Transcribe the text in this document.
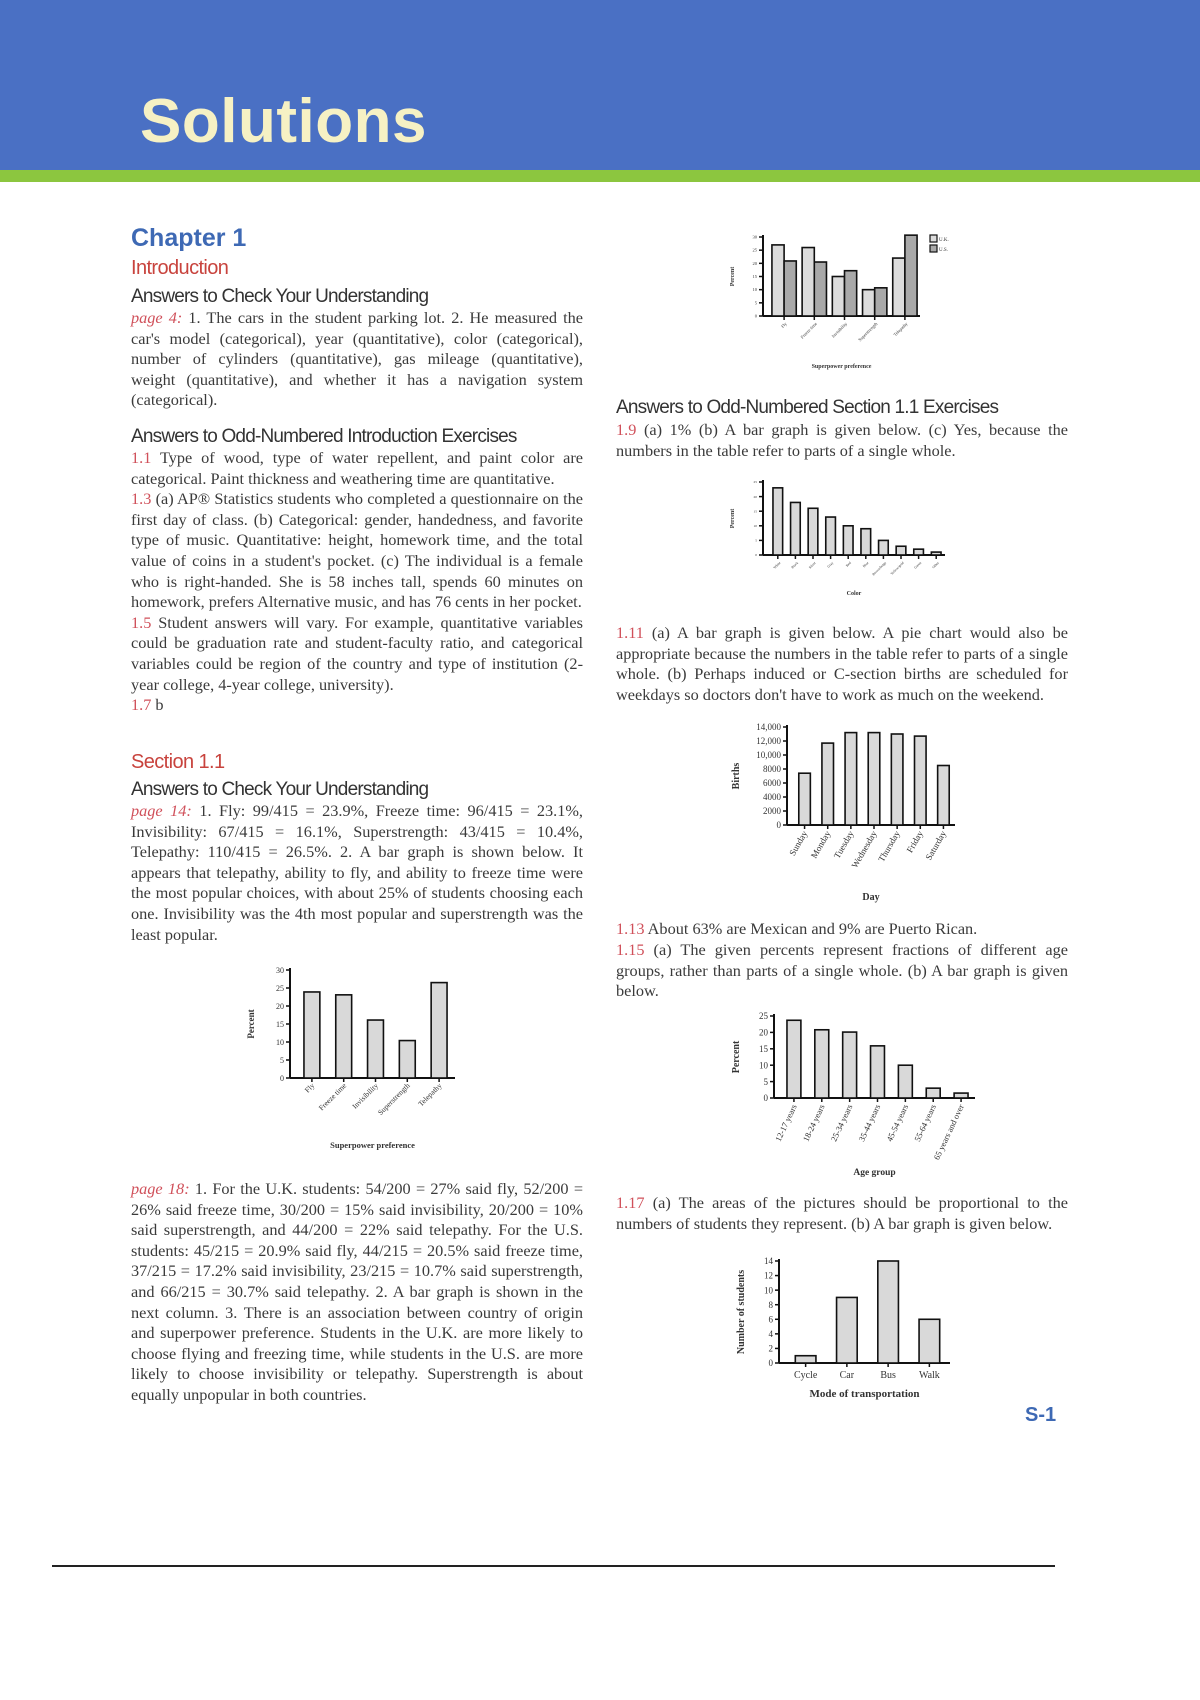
Solutions
Chapter 1
Introduction
Answers to Check Your Understanding
page 4: 1. The cars in the student parking lot. 2. He measured the car's model (categorical), year (quantitative), color (categorical), number of cylinders (quantitative), gas mileage (quantitative), weight (quantitative), and whether it has a navigation system (categorical).
Answers to Odd-Numbered Introduction Exercises
1.1 Type of wood, type of water repellent, and paint color are categorical. Paint thickness and weathering time are quantitative.
1.3 (a) AP® Statistics students who completed a questionnaire on the first day of class. (b) Categorical: gender, handedness, and favorite type of music. Quantitative: height, homework time, and the total value of coins in a student's pocket. (c) The individual is a female who is right-handed. She is 58 inches tall, spends 60 minutes on homework, prefers Alternative music, and has 76 cents in her pocket.
1.5 Student answers will vary. For example, quantitative variables could be graduation rate and student-faculty ratio, and categorical variables could be region of the country and type of institution (2-year college, 4-year college, university).
1.7 b
Section 1.1
Answers to Check Your Understanding
page 14: 1. Fly: 99/415 = 23.9%, Freeze time: 96/415 = 23.1%, Invisibility: 67/415 = 16.1%, Superstrength: 43/415 = 10.4%, Telepathy: 110/415 = 26.5%. 2. A bar graph is shown below. It appears that telepathy, ability to fly, and ability to freeze time were the most popular choices, with about 25% of students choosing each one. Invisibility was the 4th most popular and superstrength was the least popular.
0
5
10
15
20
25
30
Fly Freeze time Invisibility
Superstrength Telepathy
Superpower preference
Percent
page 18: 1. For the U.K. students: 54/200 = 27% said fly, 52/200 = 26% said freeze time, 30/200 = 15% said invisibility, 20/200 = 10% said superstrength, and 44/200 = 22% said telepathy. For the U.S. students: 45/215 = 20.9% said fly, 44/215 = 20.5% said freeze time, 37/215 = 17.2% said invisibility, 23/215 = 10.7% said superstrength, and 66/215 = 30.7% said telepathy. 2. A bar graph is shown in the next column. 3. There is an association between country of origin and superpower preference. Students in the U.K. are more likely to choose flying and freezing time, while students in the U.S. are more likely to choose invisibility or telepathy. Superstrength is about equally unpopular in both countries.
0
5
10
15
20
25
30
Fly	Freeze time	Invisibility Superstrength	Telepathy
Superpower preference
Percent
U.K.
U.S.
Answers to Odd-Numbered Section 1.1 Exercises
1.9 (a) 1% (b) A bar graph is given below. (c) Yes, because the numbers in the table refer to parts of a single whole.
0
5
10
15
20
25
White	Black	Silver	Gray	Red	Blue Brown/beige Yellow/gold Green	Other
Color
Percent
1.11 (a) A bar graph is given below. A pie chart would also be appropriate because the numbers in the table refer to parts of a single whole. (b) Perhaps induced or C-section births are scheduled for weekdays so doctors don't have to work as much on the weekend.
0
2000
4000
6000
8000
10,000
12,000
14,000
Sunday Monday Tuesday
Wednesday
Thursday Friday
Saturday
Day
Births
1.13 About 63% are Mexican and 9% are Puerto Rican.
1.15 (a) The given percents represent fractions of different age groups, rather than parts of a single whole. (b) A bar graph is given below.
0
5
10
15
20
25
12-17 years 18-24 years 25-34 years 35-44 years 45-54 years 55-64 years
65 years and over
Age group
Percent
1.17 (a) The areas of the pictures should be proportional to the numbers of students they represent. (b) A bar graph is given below.
0
2
4
6
8
10
12
14
Cycle Car	Bus Walk
Mode of transportation
Number of students
S-1
